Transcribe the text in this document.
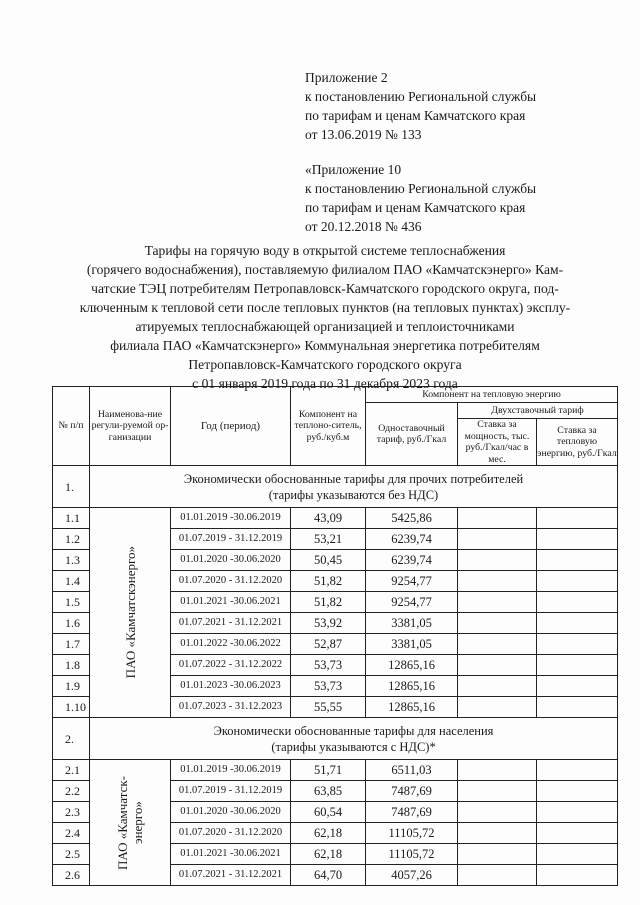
Приложение 2
к постановлению Региональной службы
по тарифам и ценам Камчатского края
от 13.06.2019 № 133
«Приложение 10
к постановлению Региональной службы
по тарифам и ценам Камчатского края
от 20.12.2018 № 436
Тарифы на горячую воду в открытой системе теплоснабжения
(горячего водоснабжения), поставляемую филиалом ПАО «Камчатскэнерго» Кам-
чатские ТЭЦ потребителям Петропавловск-Камчатского городского округа, под-
ключенным к тепловой сети после тепловых пунктов (на тепловых пунктах) эксплу-
атируемых теплоснабжающей организацией и теплоисточниками
филиала ПАО «Камчатскэнерго» Коммунальная энергетика потребителям
Петропавловск-Камчатского городского округа
с 01 января 2019 года по 31 декабря 2023 года
№ п/п	Наименова-ние регули-руемой ор-ганизации	Год (период)	Компонент на теплоно-ситель, руб./куб.м	Компонент на тепловую энергию		
				Одноставочный тариф, руб./Гкал	Двухставочный тариф	
					Ставка за мощность, тыс. руб./Гкал/час в мес.	Ставка за тепловую энергию, руб./Гкал
1.	Экономически обоснованные тарифы для прочих потребителей
(тарифы указываются без НДС)					

1.1	ПАО «Камчатскэнерго»	01.01.2019 -30.06.2019	43,09	5425,86		
1.2		01.07.2019 - 31.12.2019	53,21	6239,74		
1.3		01.01.2020 -30.06.2020	50,45	6239,74		
1.4		01.07.2020 - 31.12.2020	51,82	9254,77		
1.5		01.01.2021 -30.06.2021	51,82	9254,77		
1.6		01.07.2021 - 31.12.2021	53,92	3381,05		
1.7		01.01.2022 -30.06.2022	52,87	3381,05		
1.8		01.07.2022 - 31.12.2022	53,73	12865,16		
1.9		01.01.2023 -30.06.2023	53,73	12865,16		
1.10		01.07.2023 - 31.12.2023	55,55	12865,16		
2.	Экономически обоснованные тарифы для населения
(тарифы указываются с НДС)*					

2.1	ПАО «Камчатск- энерго»	01.01.2019 -30.06.2019	51,71	6511,03		
2.2		01.07.2019 - 31.12.2019	63,85	7487,69		
2.3		01.01.2020 -30.06.2020	60,54	7487,69		
2.4		01.07.2020 - 31.12.2020	62,18	11105,72		
2.5		01.01.2021 -30.06.2021	62,18	11105,72		
2.6		01.07.2021 - 31.12.2021	64,70	4057,26		
